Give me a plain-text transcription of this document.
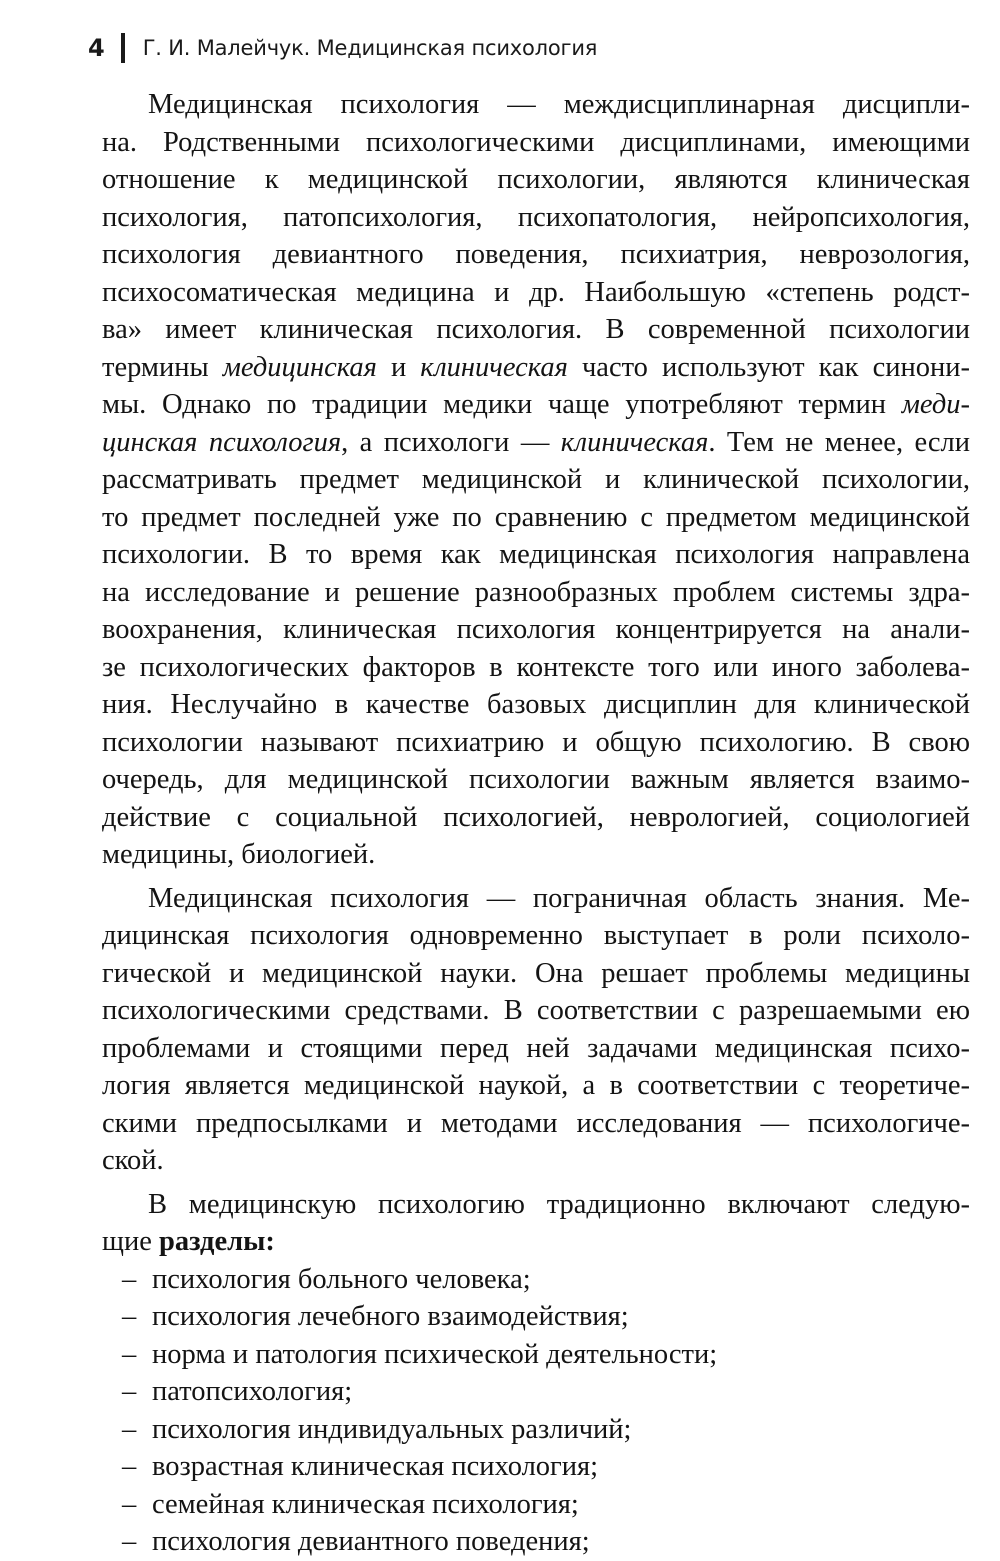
4 Г. И. Малейчук. Медицинская психология
Медицинская психология — междисциплинарная дисципли-
на. Родственными психологическими дисциплинами, имеющими
отношение к медицинской психологии, являются клиническая
психология, патопсихология, психопатология, нейропсихология,
психология девиантного поведения, психиатрия, неврозология,
психосоматическая медицина и др. Наибольшую «степень родст-
ва» имеет клиническая психология. В современной психологии
термины медицинская и клиническая часто используют как синони-
мы. Однако по традиции медики чаще употребляют термин меди-
цинская психология, а психологи — клиническая. Тем не менее, если
рассматривать предмет медицинской и клинической психологии,
то предмет последней уже по сравнению с предметом медицинской
психологии. В то время как медицинская психология направлена
на исследование и решение разнообразных проблем системы здра-
воохранения, клиническая психология концентрируется на анали-
зе психологических факторов в контексте того или иного заболева-
ния. Неслучайно в качестве базовых дисциплин для клинической
психологии называют психиатрию и общую психологию. В свою
очередь, для медицинской психологии важным является взаимо-
действие с социальной психологией, неврологией, социологией
медицины, биологией.
Медицинская психология — пограничная область знания. Ме-
дицинская психология одновременно выступает в роли психоло-
гической и медицинской науки. Она решает проблемы медицины
психологическими средствами. В соответствии с разрешаемыми ею
проблемами и стоящими перед ней задачами медицинская психо-
логия является медицинской наукой, а в соответствии с теоретиче-
скими предпосылками и методами исследования — психологиче-
ской.
В медицинскую психологию традиционно включают следую-
щие разделы:
– психология больного человека;
– психология лечебного взаимодействия;
– норма и патология психической деятельности;
– патопсихология;
– психология индивидуальных различий;
– возрастная клиническая психология;
– семейная клиническая психология;
– психология девиантного поведения;
